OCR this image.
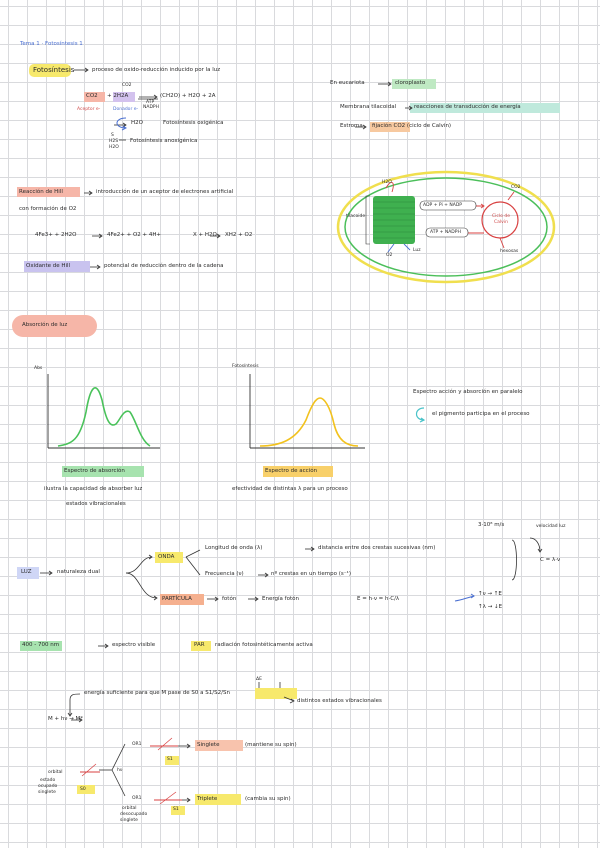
Tema 1 · Fotosíntesis 1
Fotosíntesis	proceso de oxido-reducción inducido por la luz
CO2
CO2 + 2H2A	(CH2O) + H2O + 2A
ATP
NADPH
Aceptor e-	Donador e-
H2O	Fotosíntesis oxigénica
S
H2S
H2O
Fotosíntesis anoxigénica
En eucariota	cloroplasto
Membrana tilacoidal	reacciones de transducción de energía
Estroma fijación CO2 (ciclo de Calvin)
H2O
ADP + Pi + NADP
CO2
Ciclo de Calvin
ATP + NADPH
tilacoide
O2
Luz	hexosas
Reacción de Hill	introducción de un aceptor de electrones artificial
con formación de O2
4Fe3+ + 2H2O	4Fe2+ + O2 + 4H+	X + H2O XH2 + O2
Oxidante de Hill	potencial de reducción dentro de la cadena
Absorción de luz
Abs	Fotosíntesis
Espectro de absorción	Espectro de acción
ilustra la capacidad de absorber luz
estados vibracionales
efectividad de distintas λ para un proceso
Espectro acción y absorción en paralelo
el pigmento participa en el proceso
3·10⁸ m/s	velocidad luz
C = λ·ν
LUZ	naturaleza dual
ONDA
Longitud de onda (λ)	distancia entre dos crestas sucesivas (nm)
Frecuencia (ν)	nº crestas en un tiempo (s⁻¹)
PARTÍCULA	fotón	Energía fotón	E = h·ν = h·C/λ
↑ν → ↑E
↑λ → ↓E
400 - 700 nm	espectro visible	PAR radiación fotosintéticamente activa
ΔE
energía suficiente para que M pase de S0 a S1/S2/Sn
distintos estados vibracionales
M + hν → M*
orbital
estado
ocupado
singlete
S0
hν
OR1	Singlete	(mantiene su spin)
S1
OR1
orbital
desocupado
singlete
Triplete	(cambia su spin)
S1
